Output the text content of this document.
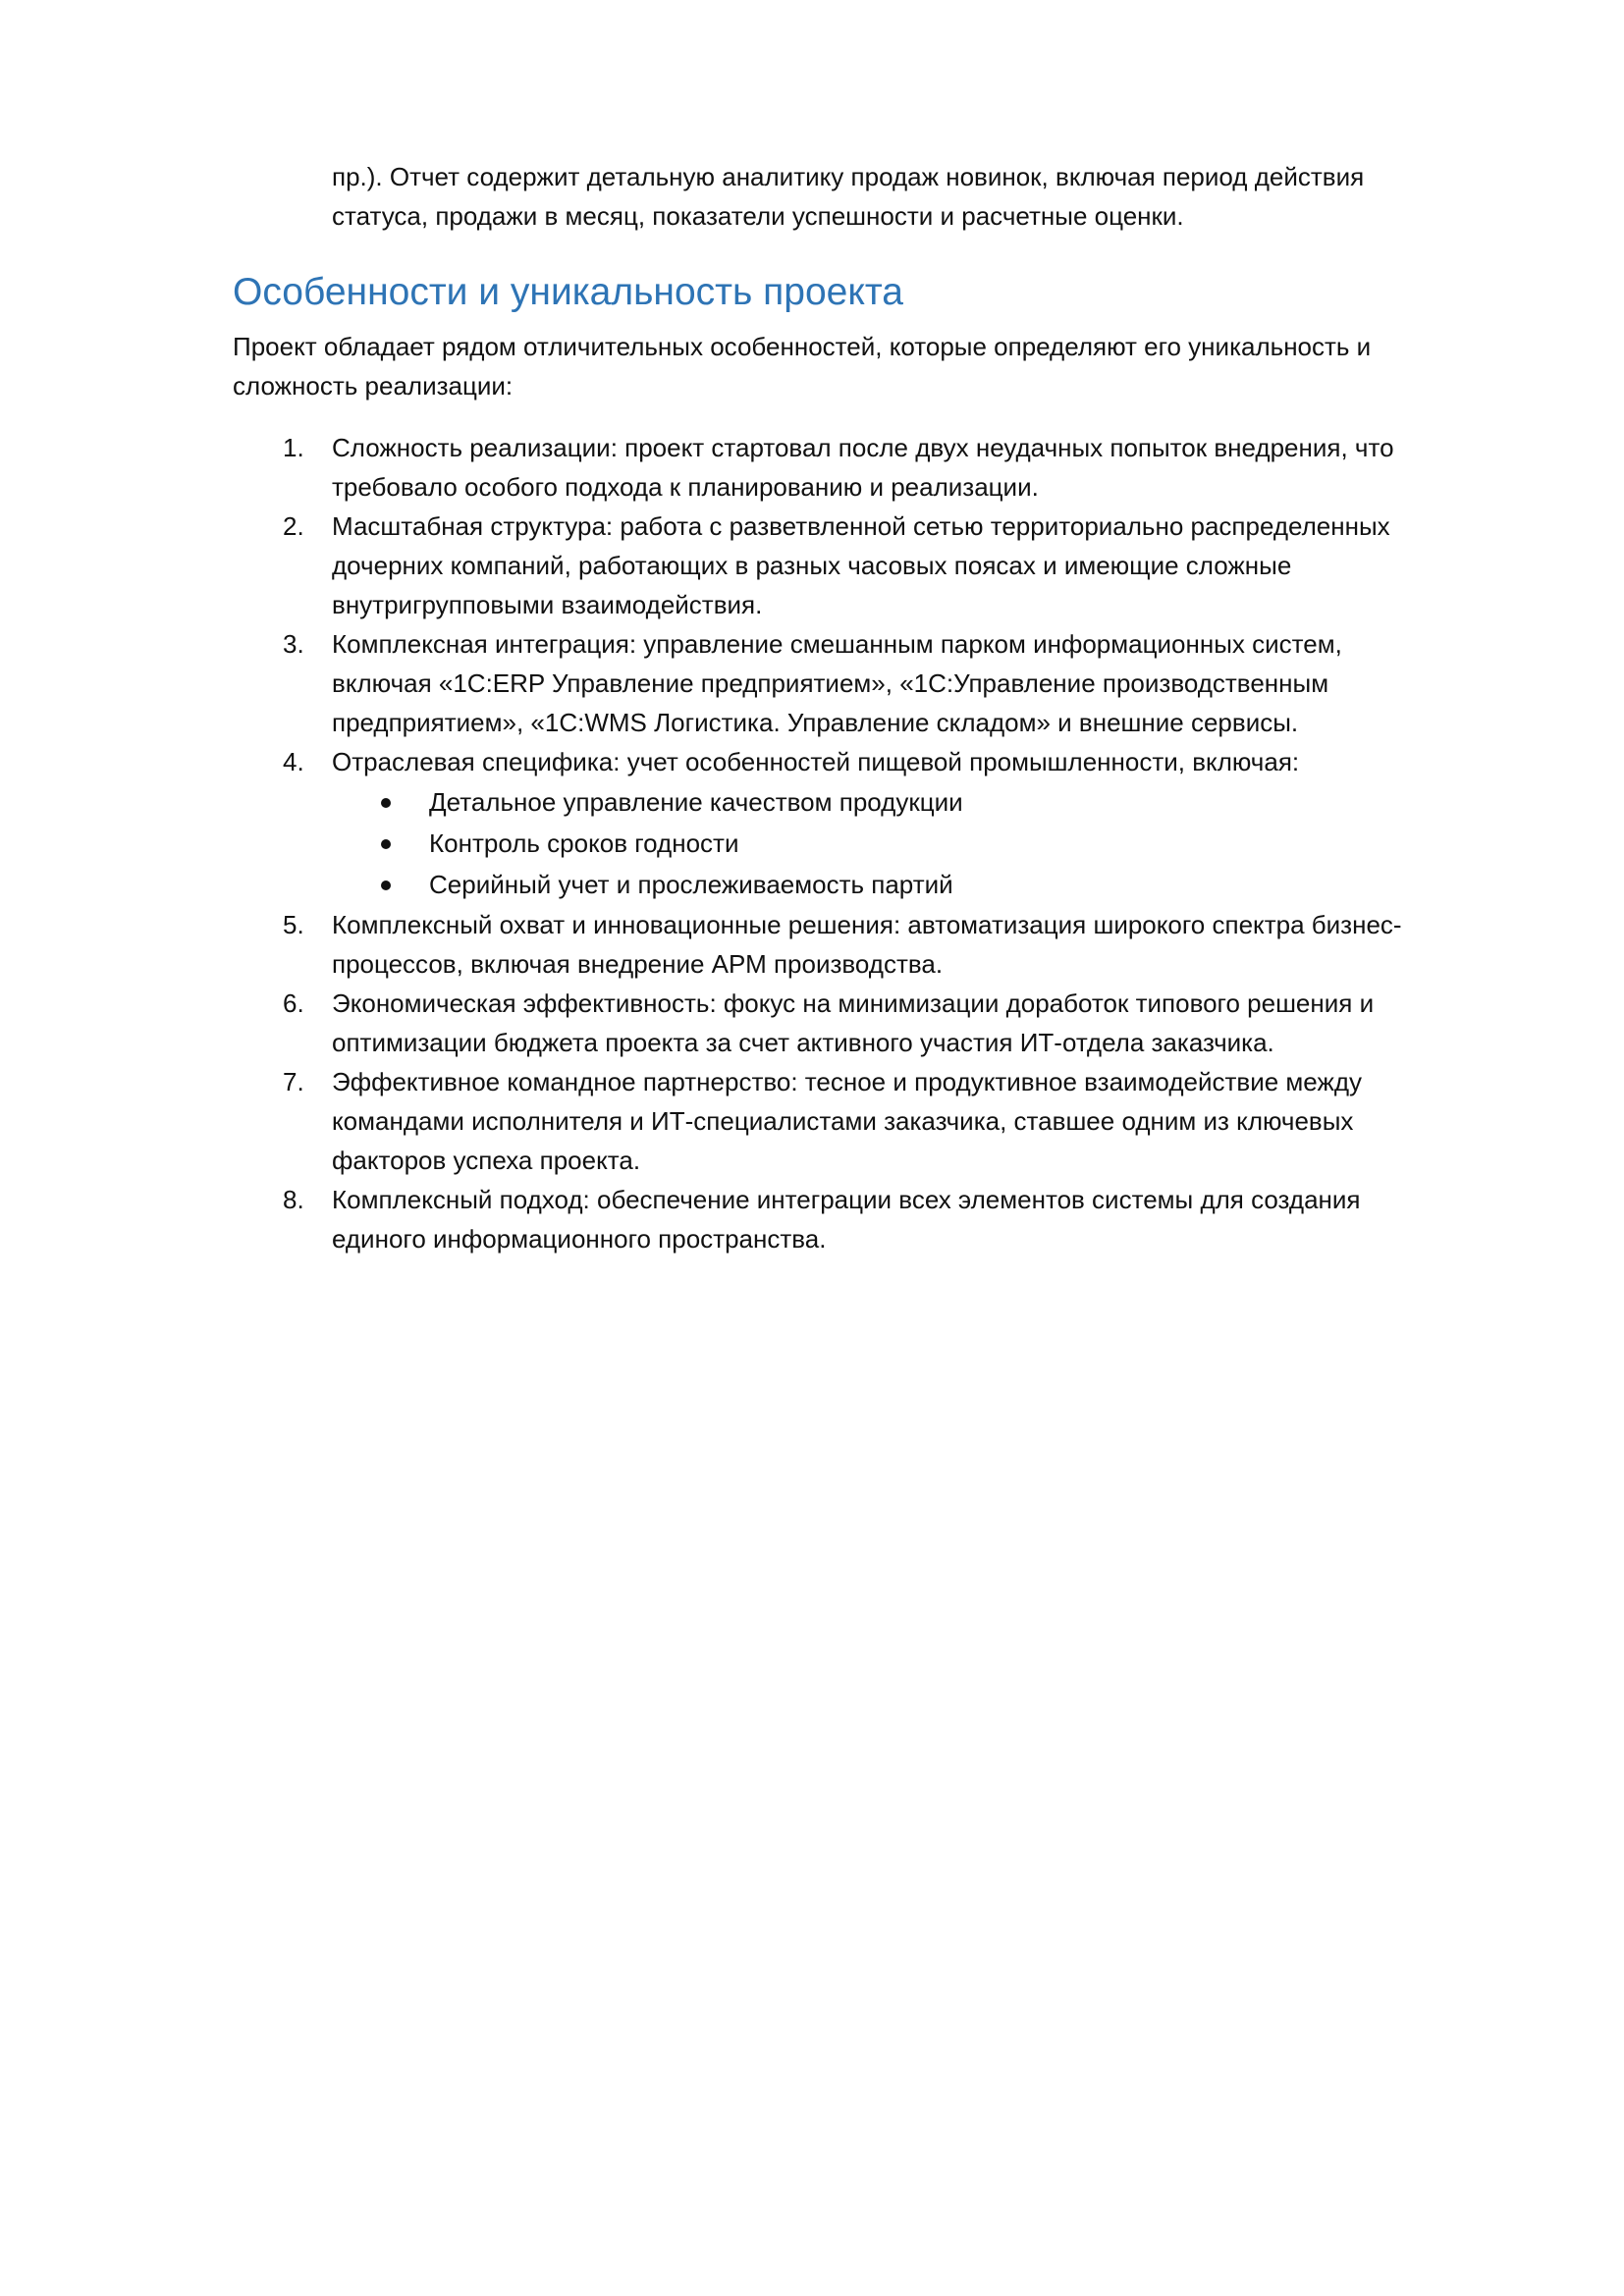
пр.). Отчет содержит детальную аналитику продаж новинок, включая период действия
статуса, продажи в месяц, показатели успешности и расчетные оценки.

Особенности и уникальность проекта

Проект обладает рядом отличительных особенностей, которые определяют его уникальность и
сложность реализации:

1.	Сложность реализации: проект стартовал после двух неудачных попыток внедрения, что
требовало особого подхода к планированию и реализации.
2.	Масштабная структура: работа с разветвленной сетью территориально распределенных
дочерних компаний, работающих в разных часовых поясах и имеющие сложные
внутригрупповыми взаимодействия.
3.	Комплексная интеграция: управление смешанным парком информационных систем,
включая «1С:ERP Управление предприятием», «1С:Управление производственным
предприятием», «1С:WMS Логистика. Управление складом» и внешние сервисы.
4.	Отраслевая специфика: учет особенностей пищевой промышленности, включая:
Детальное управление качеством продукции
Контроль сроков годности
Серийный учет и прослеживаемость партий
5.	Комплексный охват и инновационные решения: автоматизация широкого спектра бизнес-
процессов, включая внедрение АРМ производства.
6.	Экономическая эффективность: фокус на минимизации доработок типового решения и
оптимизации бюджета проекта за счет активного участия ИТ-отдела заказчика.
7.	Эффективное командное партнерство: тесное и продуктивное взаимодействие между
командами исполнителя и ИТ-специалистами заказчика, ставшее одним из ключевых
факторов успеха проекта.
8.	Комплексный подход: обеспечение интеграции всех элементов системы для создания
единого информационного пространства.
